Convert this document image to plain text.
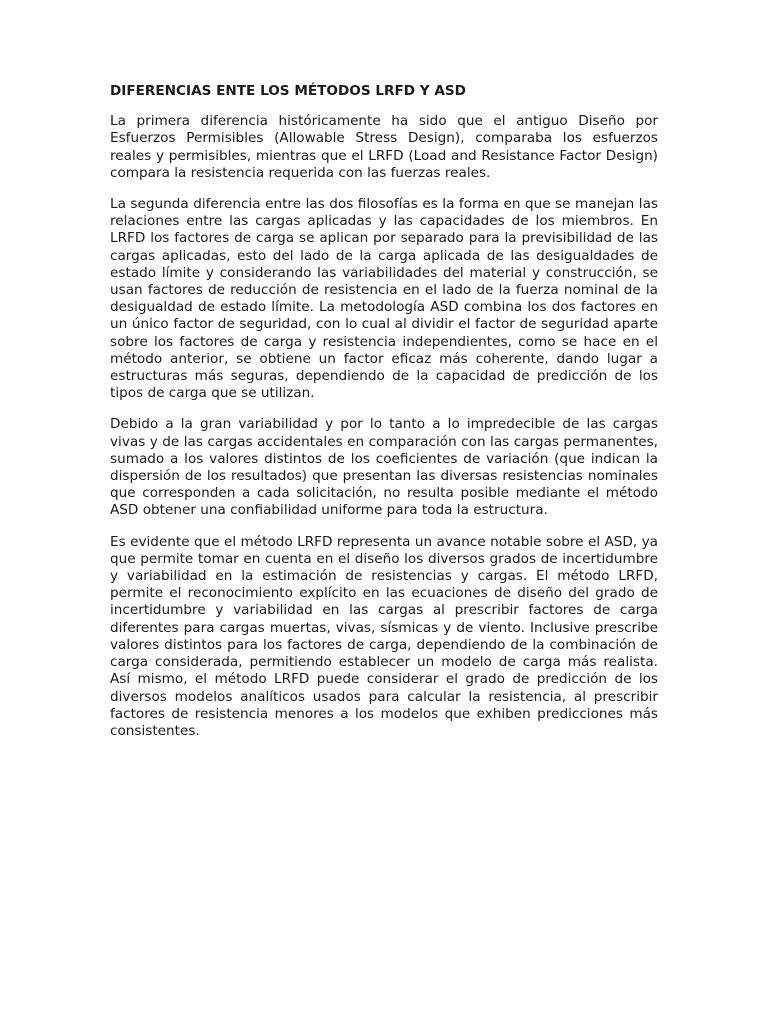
DIFERENCIAS ENTE LOS MÉTODOS LRFD Y ASD

La primera diferencia históricamente ha sido que el antiguo Diseño por Esfuerzos Permisibles (Allowable Stress Design), comparaba los esfuerzos reales y permisibles, mientras que el LRFD (Load and Resistance Factor Design) compara la resistencia requerida con las fuerzas reales.

La segunda diferencia entre las dos filosofías es la forma en que se manejan las relaciones entre las cargas aplicadas y las capacidades de los miembros. En LRFD los factores de carga se aplican por separado para la previsibilidad de las cargas aplicadas, esto del lado de la carga aplicada de las desigualdades de estado límite y considerando las variabilidades del material y construcción, se usan factores de reducción de resistencia en el lado de la fuerza nominal de la desigualdad de estado límite. La metodología ASD combina los dos factores en un único factor de seguridad, con lo cual al dividir el factor de seguridad aparte sobre los factores de carga y resistencia independientes, como se hace en el método anterior, se obtiene un factor eficaz más coherente, dando lugar a estructuras más seguras, dependiendo de la capacidad de predicción de los tipos de carga que se utilizan.

Debido a la gran variabilidad y por lo tanto a lo impredecible de las cargas vivas y de las cargas accidentales en comparación con las cargas permanentes, sumado a los valores distintos de los coeficientes de variación (que indican la dispersión de los resultados) que presentan las diversas resistencias nominales que corresponden a cada solicitación, no resulta posible mediante el método ASD obtener una confiabilidad uniforme para toda la estructura.

Es evidente que el método LRFD representa un avance notable sobre el ASD, ya que permite tomar en cuenta en el diseño los diversos grados de incertidumbre y variabilidad en la estimación de resistencias y cargas. El método LRFD, permite el reconocimiento explícito en las ecuaciones de diseño del grado de incertidumbre y variabilidad en las cargas al prescribir factores de carga diferentes para cargas muertas, vivas, sísmicas y de viento. Inclusive prescribe valores distintos para los factores de carga, dependiendo de la combinación de carga considerada, permitiendo establecer un modelo de carga más realista. Así mismo, el método LRFD puede considerar el grado de predicción de los diversos modelos analíticos usados para calcular la resistencia, al prescribir factores de resistencia menores a los modelos que exhiben predicciones más consistentes.
